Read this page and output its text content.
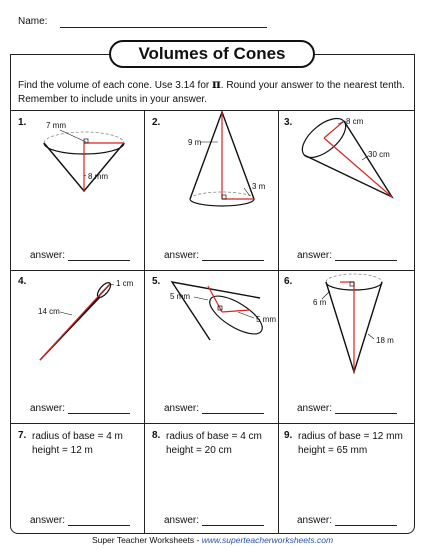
Name:
Volumes of Cones
Find the volume of each cone. Use 3.14 for π. Round your answer to the nearest tenth. Remember to include units in your answer.
1.	2.	3.
4.	5.	6.
7.	8.	9.
7 mm
8 mm
9 m
3 m
8 cm
30 cm
1 cm
14 cm
5 mm
5 mm
6 m
18 m
radius of base = 4 m
height = 12 m
radius of base = 4 cm
height = 20 cm
radius of base = 12 mm
height = 65 mm
answer:	answer:	answer:
answer:	answer:	answer:
answer:	answer:	answer:
Super Teacher Worksheets - www.superteacherworksheets.com
